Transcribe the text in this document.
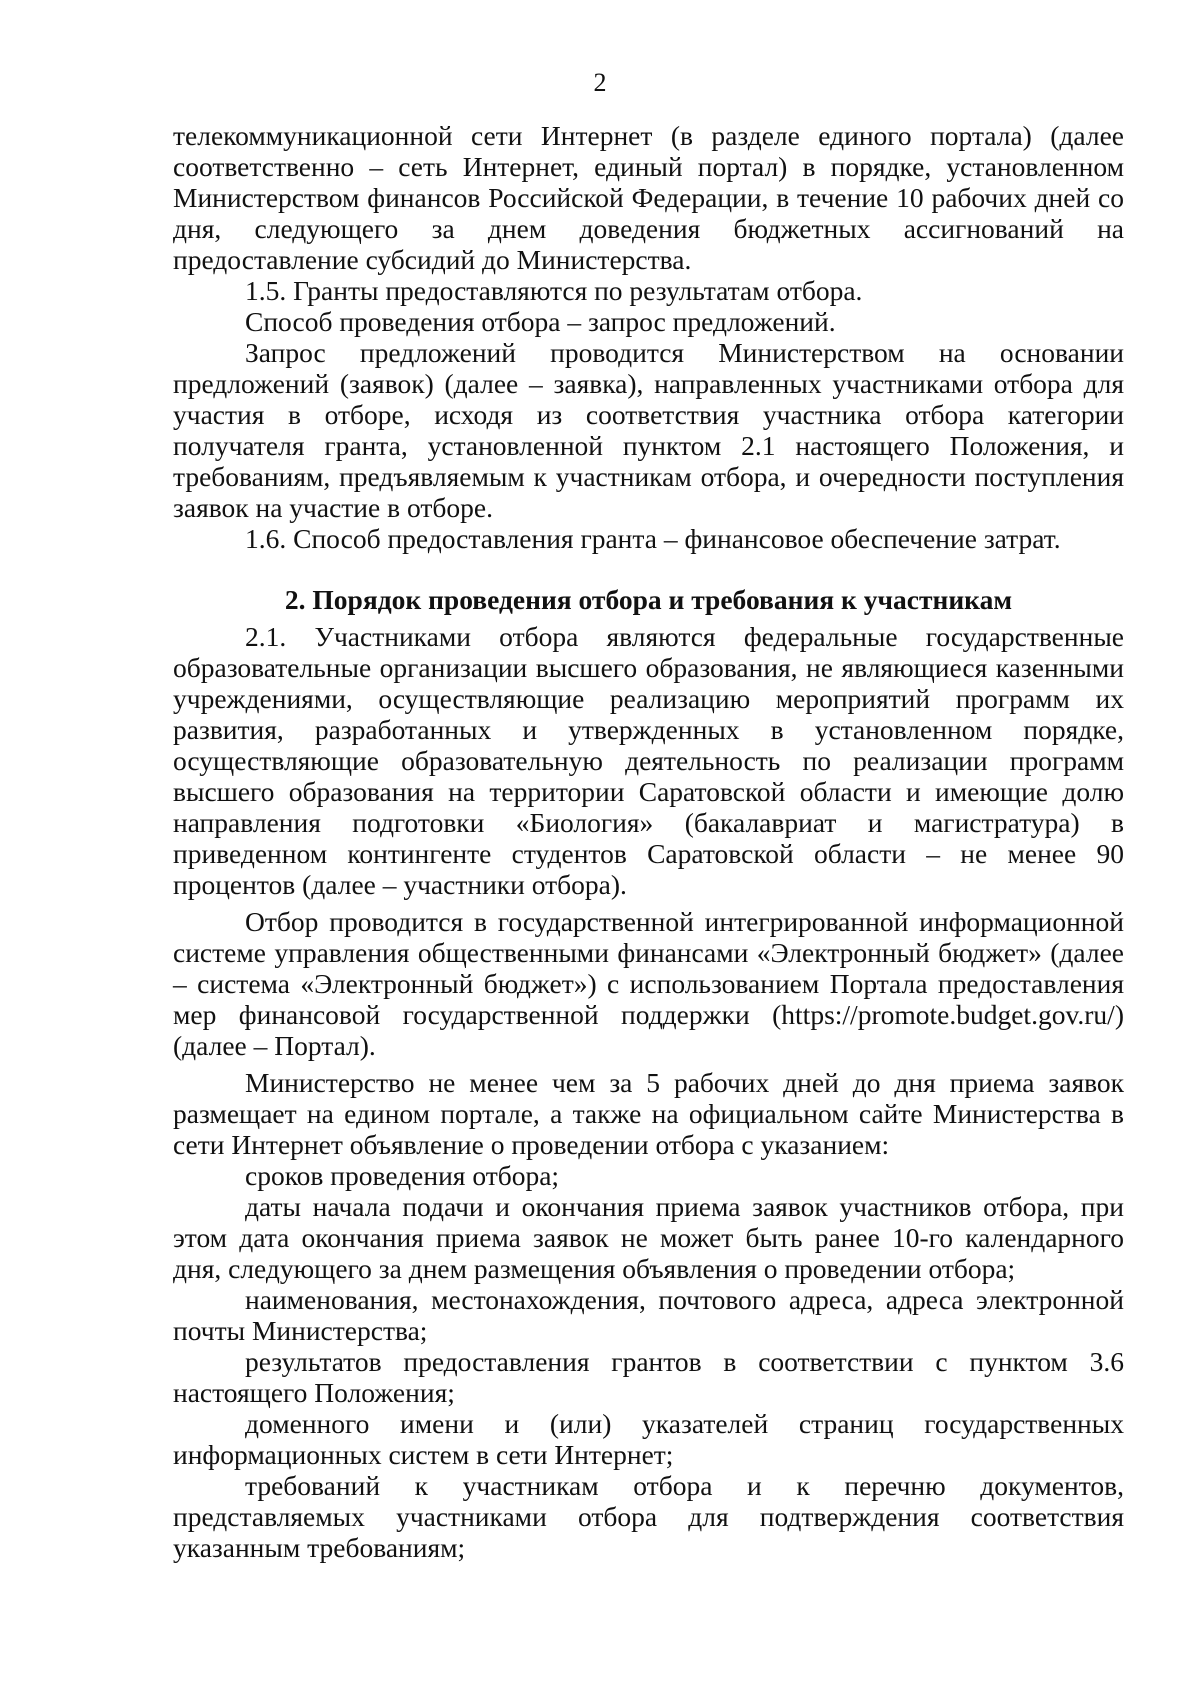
2

телекоммуникационной сети Интернет (в разделе единого портала) (далее соответственно – сеть Интернет, единый портал) в порядке, установленном Министерством финансов Российской Федерации, в течение 10 рабочих дней со дня, следующего за днем доведения бюджетных ассигнований на предоставление субсидий до Министерства.

1.5. Гранты предоставляются по результатам отбора.

Способ проведения отбора – запрос предложений.

Запрос предложений проводится Министерством на основании предложений (заявок) (далее – заявка), направленных участниками отбора для участия в отборе, исходя из соответствия участника отбора категории получателя гранта, установленной пунктом 2.1 настоящего Положения, и требованиям, предъявляемым к участникам отбора, и очередности поступления заявок на участие в отборе.

1.6. Способ предоставления гранта – финансовое обеспечение затрат.

2. Порядок проведения отбора и требования к участникам

2.1. Участниками отбора являются федеральные государственные образовательные организации высшего образования, не являющиеся казенными учреждениями, осуществляющие реализацию мероприятий программ их развития, разработанных и утвержденных в установленном порядке, осуществляющие образовательную деятельность по реализации программ высшего образования на территории Саратовской области и имеющие долю направления подготовки «Биология» (бакалавриат и магистратура) в приведенном контингенте студентов Саратовской области – не менее 90 процентов (далее – участники отбора).

Отбор проводится в государственной интегрированной информационной системе управления общественными финансами «Электронный бюджет» (далее – система «Электронный бюджет») с использованием Портала предоставления мер финансовой государственной поддержки (https://promote.budget.gov.ru/) (далее – Портал).

Министерство не менее чем за 5 рабочих дней до дня приема заявок размещает на едином портале, а также на официальном сайте Министерства в сети Интернет объявление о проведении отбора с указанием:

сроков проведения отбора;

даты начала подачи и окончания приема заявок участников отбора, при этом дата окончания приема заявок не может быть ранее 10-го календарного дня, следующего за днем размещения объявления о проведении отбора;

наименования, местонахождения, почтового адреса, адреса электронной почты Министерства;

результатов предоставления грантов в соответствии с пунктом 3.6 настоящего Положения;

доменного имени и (или) указателей страниц государственных информационных систем в сети Интернет;

требований к участникам отбора и к перечню документов, представляемых участниками отбора для подтверждения соответствия указанным требованиям;
